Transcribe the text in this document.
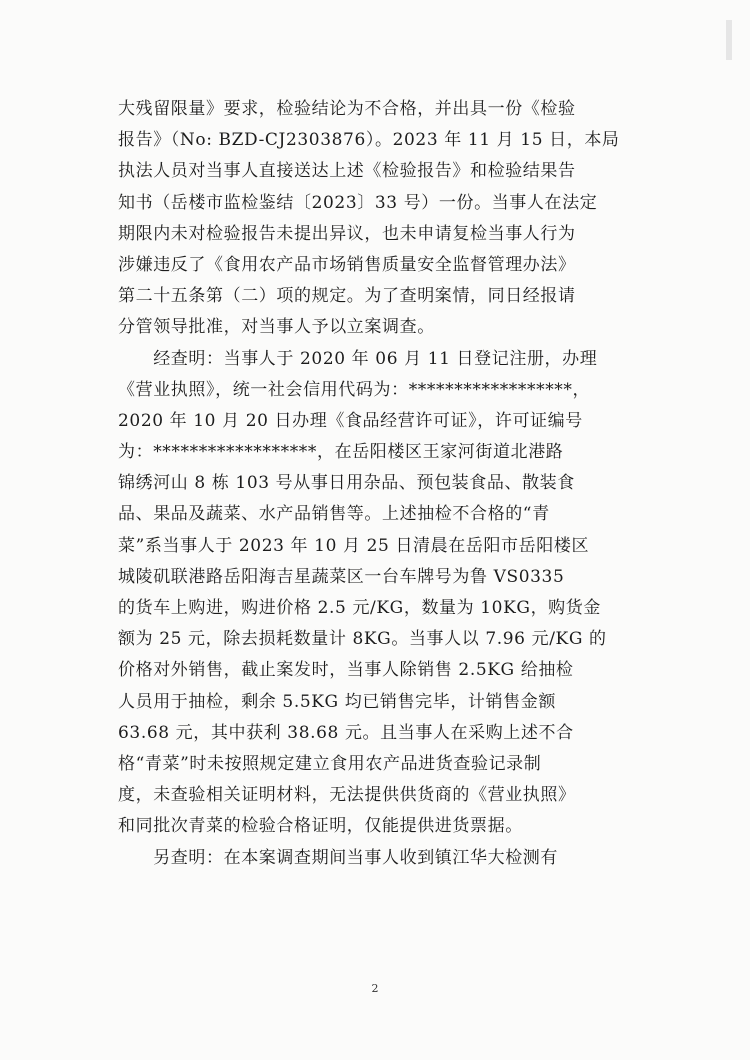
大残留限量》要求，检验结论为不合格，并出具一份《检验
报告》（No: BZD-CJ2303876）。2023 年 11 月 15 日，本局
执法人员对当事人直接送达上述《检验报告》和检验结果告
知书（岳楼市监检鉴结〔2023〕33 号）一份。当事人在法定
期限内未对检验报告未提出异议，也未申请复检当事人行为
涉嫌违反了《食用农产品市场销售质量安全监督管理办法》
第二十五条第（二）项的规定。为了查明案情，同日经报请
分管领导批准，对当事人予以立案调查。
　　经查明：当事人于 2020 年 06 月 11 日登记注册，办理
《营业执照》，统一社会信用代码为：******************，
2020 年 10 月 20 日办理《食品经营许可证》，许可证编号
为：******************，在岳阳楼区王家河街道北港路
锦绣河山 8 栋 103 号从事日用杂品、预包装食品、散装食
品、果品及蔬菜、水产品销售等。上述抽检不合格的“青
菜”系当事人于 2023 年 10 月 25 日清晨在岳阳市岳阳楼区
城陵矶联港路岳阳海吉星蔬菜区一台车牌号为鲁 VS0335
的货车上购进，购进价格 2.5 元/KG，数量为 10KG，购货金
额为 25 元，除去损耗数量计 8KG。当事人以 7.96 元/KG 的
价格对外销售，截止案发时，当事人除销售 2.5KG 给抽检
人员用于抽检，剩余 5.5KG 均已销售完毕，计销售金额
63.68 元，其中获利 38.68 元。且当事人在采购上述不合
格“青菜”时未按照规定建立食用农产品进货查验记录制
度，未查验相关证明材料，无法提供供货商的《营业执照》
和同批次青菜的检验合格证明，仅能提供进货票据。
　　另查明：在本案调查期间当事人收到镇江华大检测有
2
